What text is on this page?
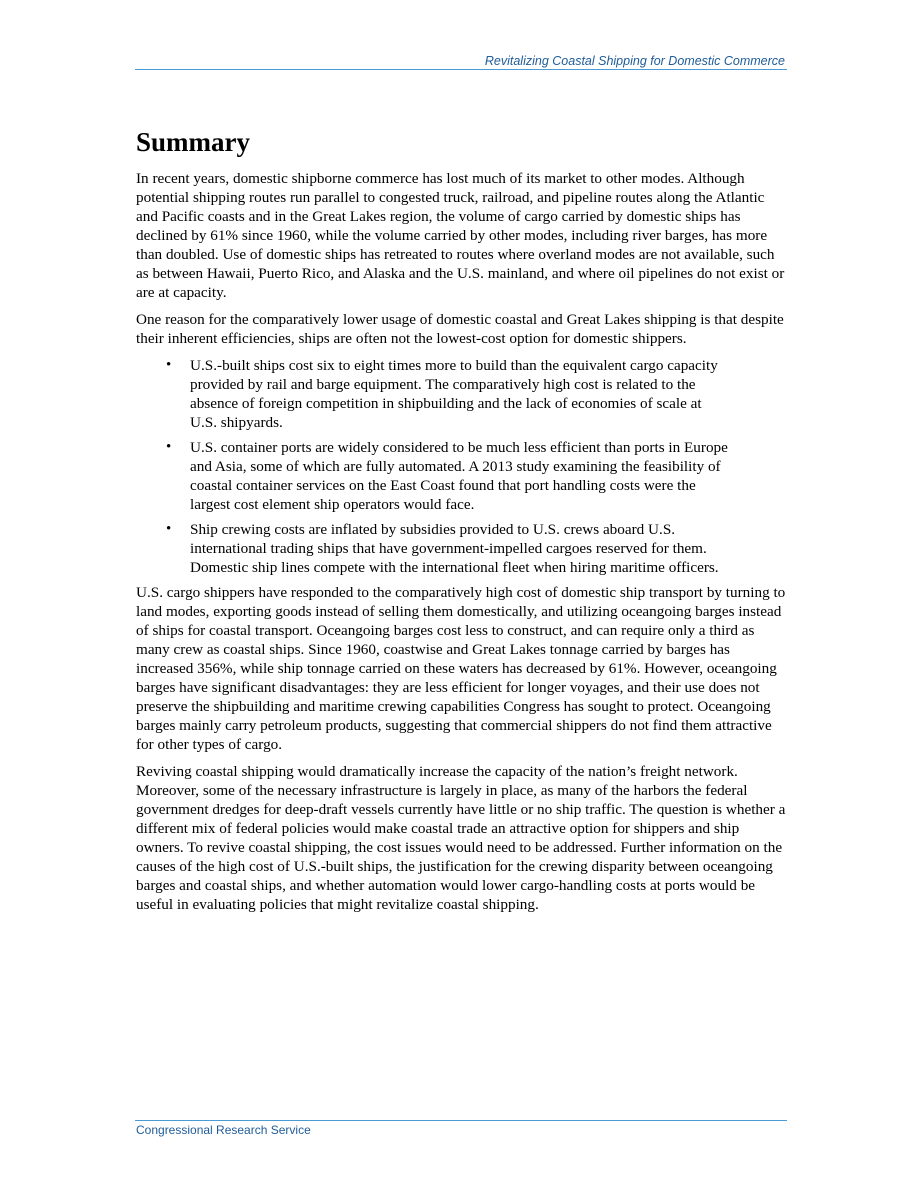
Revitalizing Coastal Shipping for Domestic Commerce
Summary

In recent years, domestic shipborne commerce has lost much of its market to other modes. Although potential shipping routes run parallel to congested truck, railroad, and pipeline routes along the Atlantic and Pacific coasts and in the Great Lakes region, the volume of cargo carried by domestic ships has declined by 61% since 1960, while the volume carried by other modes, including river barges, has more than doubled. Use of domestic ships has retreated to routes where overland modes are not available, such as between Hawaii, Puerto Rico, and Alaska and the U.S. mainland, and where oil pipelines do not exist or are at capacity.

One reason for the comparatively lower usage of domestic coastal and Great Lakes shipping is that despite their inherent efficiencies, ships are often not the lowest-cost option for domestic shippers.

• U.S.-built ships cost six to eight times more to build than the equivalent cargo capacity provided by rail and barge equipment. The comparatively high cost is related to the absence of foreign competition in shipbuilding and the lack of economies of scale at U.S. shipyards.
• U.S. container ports are widely considered to be much less efficient than ports in Europe and Asia, some of which are fully automated. A 2013 study examining the feasibility of coastal container services on the East Coast found that port handling costs were the largest cost element ship operators would face.
• Ship crewing costs are inflated by subsidies provided to U.S. crews aboard U.S. international trading ships that have government-impelled cargoes reserved for them. Domestic ship lines compete with the international fleet when hiring maritime officers.

U.S. cargo shippers have responded to the comparatively high cost of domestic ship transport by turning to land modes, exporting goods instead of selling them domestically, and utilizing oceangoing barges instead of ships for coastal transport. Oceangoing barges cost less to construct, and can require only a third as many crew as coastal ships. Since 1960, coastwise and Great Lakes tonnage carried by barges has increased 356%, while ship tonnage carried on these waters has decreased by 61%. However, oceangoing barges have significant disadvantages: they are less efficient for longer voyages, and their use does not preserve the shipbuilding and maritime crewing capabilities Congress has sought to protect. Oceangoing barges mainly carry petroleum products, suggesting that commercial shippers do not find them attractive for other types of cargo.

Reviving coastal shipping would dramatically increase the capacity of the nation’s freight network. Moreover, some of the necessary infrastructure is largely in place, as many of the harbors the federal government dredges for deep-draft vessels currently have little or no ship traffic. The question is whether a different mix of federal policies would make coastal trade an attractive option for shippers and ship owners. To revive coastal shipping, the cost issues would need to be addressed. Further information on the causes of the high cost of U.S.-built ships, the justification for the crewing disparity between oceangoing barges and coastal ships, and whether automation would lower cargo-handling costs at ports would be useful in evaluating policies that might revitalize coastal shipping.

Congressional Research Service
